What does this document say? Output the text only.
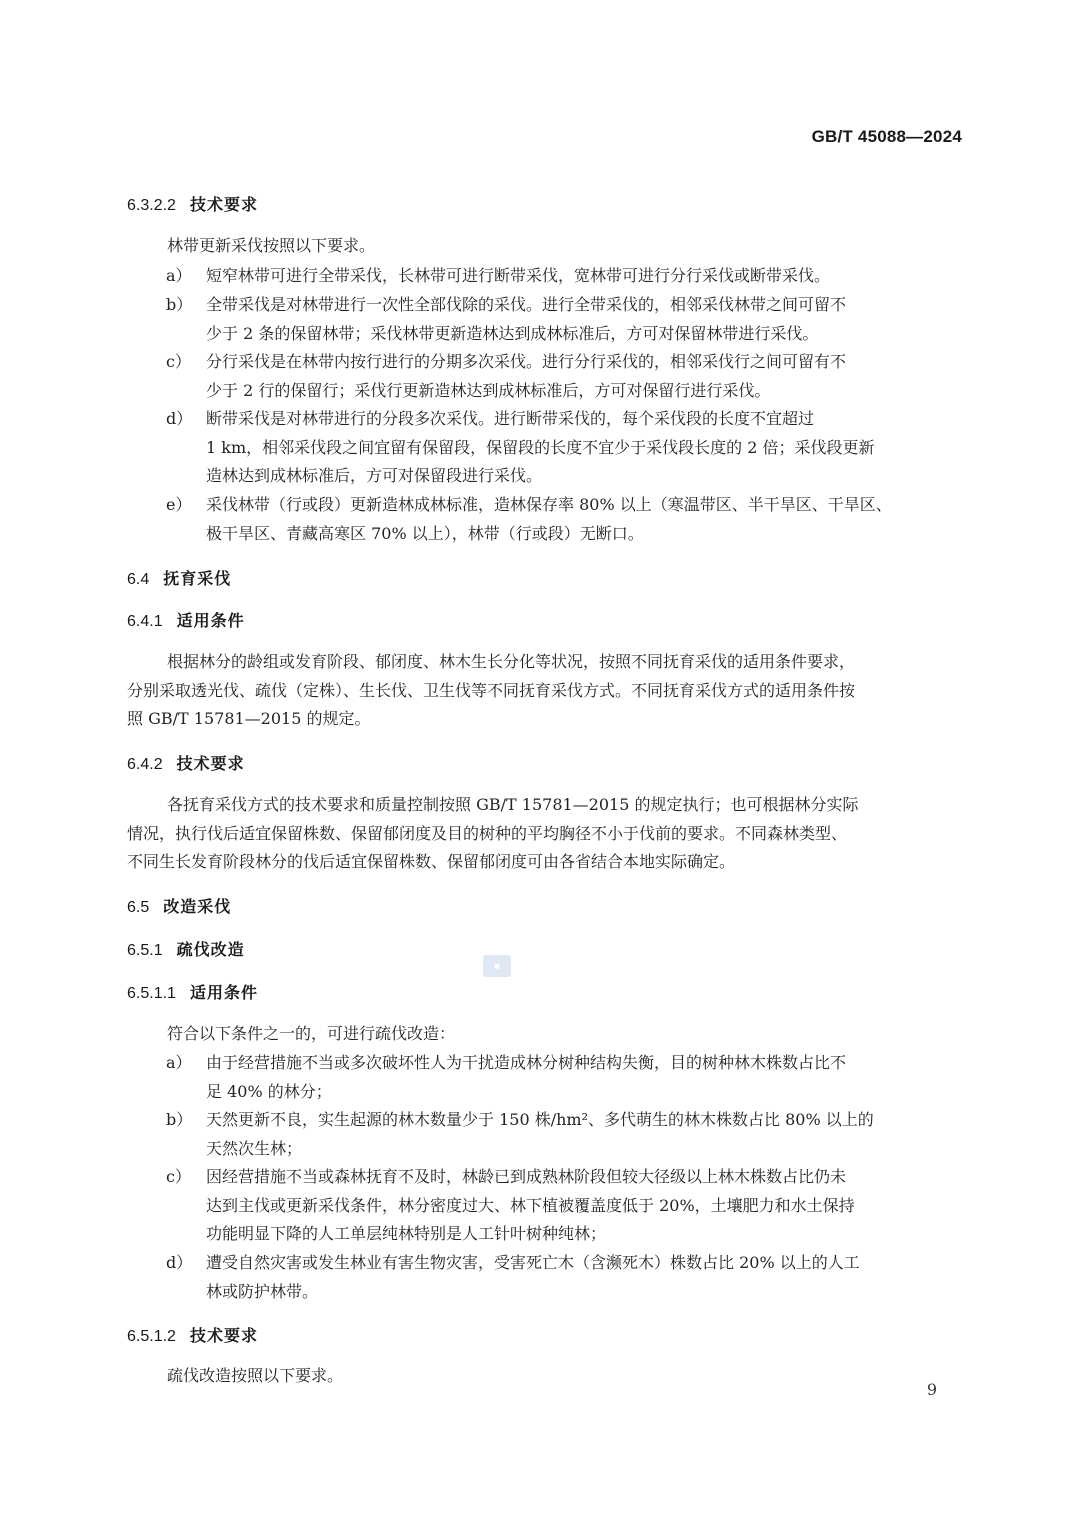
GB/T 45088—2024
6.3.2.2 技术要求
林带更新采伐按照以下要求。
a） 短窄林带可进行全带采伐，长林带可进行断带采伐，宽林带可进行分行采伐或断带采伐。
b） 全带采伐是对林带进行一次性全部伐除的采伐。进行全带采伐的，相邻采伐林带之间可留不
少于 2 条的保留林带；采伐林带更新造林达到成林标准后，方可对保留林带进行采伐。
c） 分行采伐是在林带内按行进行的分期多次采伐。进行分行采伐的，相邻采伐行之间可留有不
少于 2 行的保留行；采伐行更新造林达到成林标准后，方可对保留行进行采伐。
d） 断带采伐是对林带进行的分段多次采伐。进行断带采伐的，每个采伐段的长度不宜超过
1 km，相邻采伐段之间宜留有保留段，保留段的长度不宜少于采伐段长度的 2 倍；采伐段更新
造林达到成林标准后，方可对保留段进行采伐。
e） 采伐林带（行或段）更新造林成林标准，造林保存率 80% 以上（寒温带区、半干旱区、干旱区、
极干旱区、青藏高寒区 70% 以上），林带（行或段）无断口。
6.4 抚育采伐
6.4.1 适用条件
根据林分的龄组或发育阶段、郁闭度、林木生长分化等状况，按照不同抚育采伐的适用条件要求，
分别采取透光伐、疏伐（定株）、生长伐、卫生伐等不同抚育采伐方式。不同抚育采伐方式的适用条件按
照 GB/T 15781—2015 的规定。
6.4.2 技术要求
各抚育采伐方式的技术要求和质量控制按照 GB/T 15781—2015 的规定执行；也可根据林分实际
情况，执行伐后适宜保留株数、保留郁闭度及目的树种的平均胸径不小于伐前的要求。不同森林类型、
不同生长发育阶段林分的伐后适宜保留株数、保留郁闭度可由各省结合本地实际确定。
6.5 改造采伐
6.5.1 疏伐改造
◼
6.5.1.1 适用条件
符合以下条件之一的，可进行疏伐改造：
a） 由于经营措施不当或多次破坏性人为干扰造成林分树种结构失衡，目的树种林木株数占比不
足 40% 的林分；
b） 天然更新不良，实生起源的林木数量少于 150 株/hm²、多代萌生的林木株数占比 80% 以上的
天然次生林；
c） 因经营措施不当或森林抚育不及时，林龄已到成熟林阶段但较大径级以上林木株数占比仍未
达到主伐或更新采伐条件，林分密度过大、林下植被覆盖度低于 20%，土壤肥力和水土保持
功能明显下降的人工单层纯林特别是人工针叶树种纯林；
d） 遭受自然灾害或发生林业有害生物灾害，受害死亡木（含濒死木）株数占比 20% 以上的人工
林或防护林带。
6.5.1.2 技术要求
疏伐改造按照以下要求。
9
